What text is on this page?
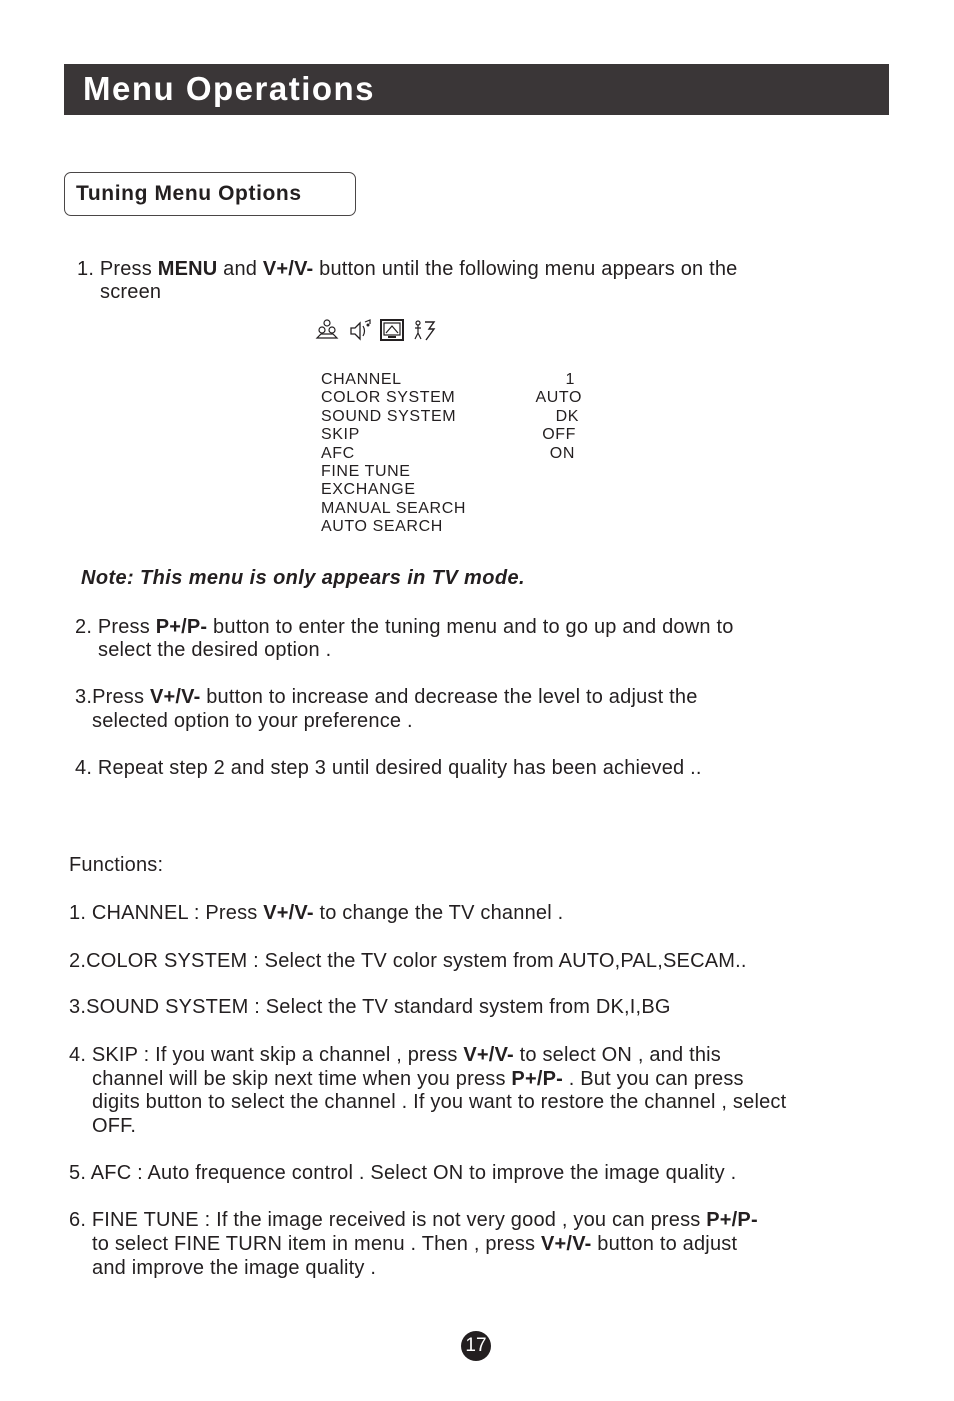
Menu Operations
Tuning Menu Options
1. Press MENU and V+/V- button until the following menu appears on the
screen
CHANNEL	1
COLOR SYSTEM	AUTO
SOUND SYSTEM	DK
SKIP	OFF
AFC	ON
FINE TUNE
EXCHANGE
MANUAL SEARCH
AUTO SEARCH
Note: This menu is only appears in TV mode.
2. Press P+/P- button to enter the tuning menu and to go up and down to
select the desired option .
3.Press V+/V- button to increase and decrease the level to adjust the
selected option to your preference .
4. Repeat step 2 and step 3 until desired quality has been achieved ..
Functions:
1. CHANNEL : Press V+/V- to change the TV channel .
2.COLOR SYSTEM : Select the TV color system from AUTO,PAL,SECAM..
3.SOUND SYSTEM : Select the TV standard system from DK,I,BG
4. SKIP : If you want skip a channel , press V+/V- to select ON , and this
channel will be skip next time when you press P+/P- . But you can press
digits button to select the channel . If you want to restore the channel , select
OFF.
5. AFC : Auto frequence control . Select ON to improve the image quality .
6. FINE TUNE : If the image received is not very good , you can press P+/P-
to select FINE TURN item in menu . Then , press V+/V- button to adjust
and improve the image quality .
17
